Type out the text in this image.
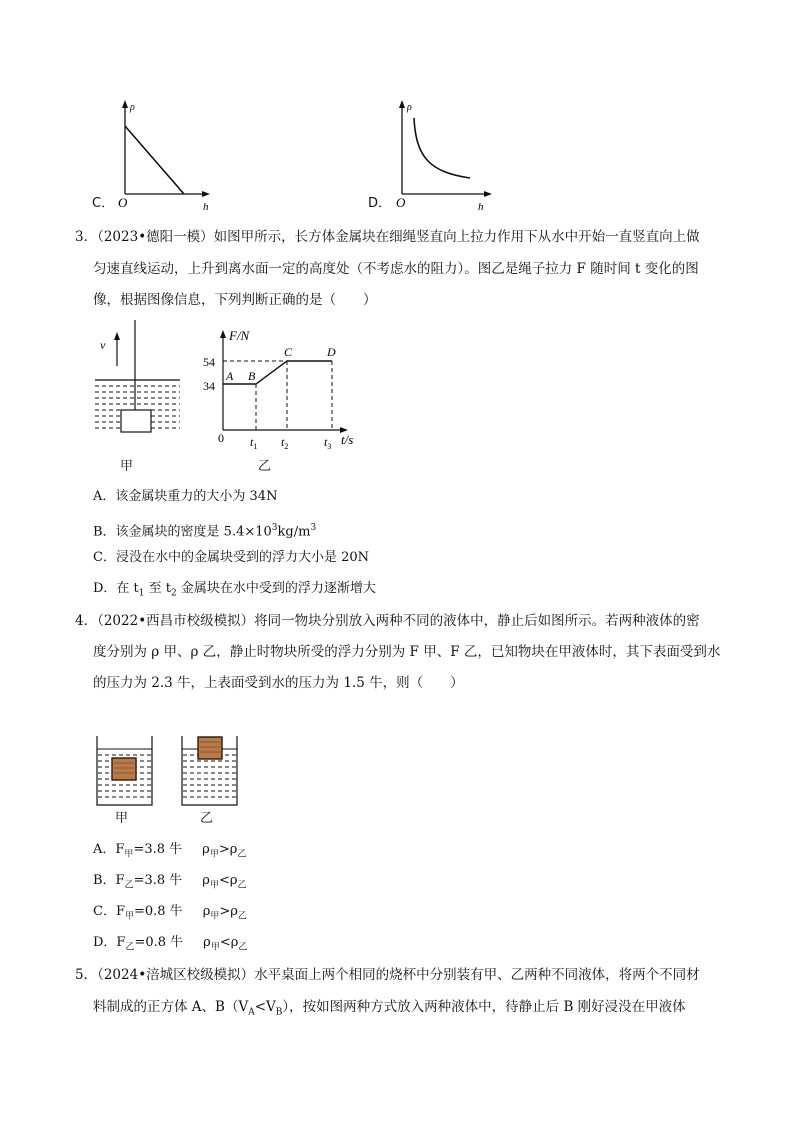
ρ
O	h
C．
ρ
O	h
D．
3．（2023•德阳一模）如图甲所示，长方体金属块在细绳竖直向上拉力作用下从水中开始一直竖直向上做
匀速直线运动，上升到离水面一定的高度处（不考虑水的阻力）。图乙是绳子拉力 F 随时间 t 变化的图
像，根据图像信息，下列判断正确的是（　　）
v
甲
F/N
t/s
0
54
34
A B
C	D
$t_1$ $t_2$	$t_3$
乙
A．该金属块重力的大小为 34N
B．该金属块的密度是 $5.4\times 10^3kg/m^3$
C．浸没在水中的金属块受到的浮力大小是 20N
D．在 $t_1$ 至 $t_2$ 金属块在水中受到的浮力逐渐增大
4．（2022•西昌市校级模拟）将同一物块分别放入两种不同的液体中，静止后如图所示。若两种液体的密
度分别为 ρ 甲、ρ 乙，静止时物块所受的浮力分别为 F 甲、F 乙，已知物块在甲液体时，其下表面受到水
的压力为 2.3 牛，上表面受到水的压力为 1.5 牛，则（　　）
甲	乙
A．$F_甲=3.8$ 牛 $\rho_甲>\rho_乙$
B．$F_乙=3.8$ 牛 $\rho_甲<\rho_乙$
C．$F_甲=0.8$ 牛 $\rho_甲>\rho_乙$
D．$F_乙=0.8$ 牛 $\rho_甲<\rho_乙$
5．（2024•涪城区校级模拟）水平桌面上两个相同的烧杯中分别装有甲、乙两种不同液体，将两个不同材
料制成的正方体 A、$B(V_A<V_B)$，按如图两种方式放入两种液体中，待静止后 B 刚好浸没在甲液体
